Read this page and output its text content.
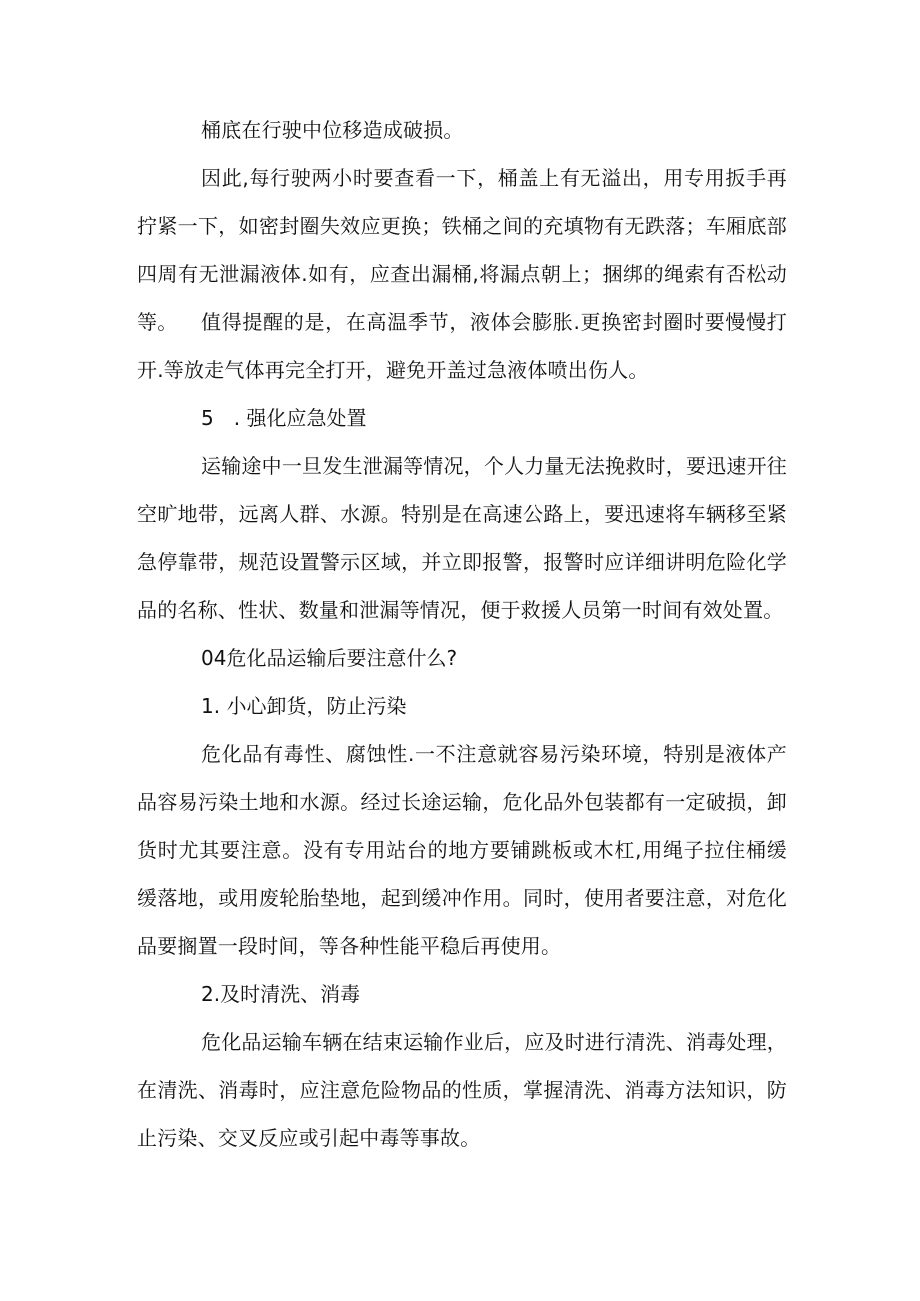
桶底在行驶中位移造成破损。

因此,每行驶两小时要查看一下，桶盖上有无溢出，用专用扳手再拧紧一下，如密封圈失效应更换；铁桶之间的充填物有无跌落；车厢底部四周有无泄漏液体.如有，应查出漏桶,将漏点朝上；捆绑的绳索有否松动等。	值得提醒的是，在高温季节，液体会膨胀.更换密封圈时要慢慢打开.等放走气体再完全打开，避免开盖过急液体喷出伤人。

5　. 强化应急处置

运输途中一旦发生泄漏等情况，个人力量无法挽救时，要迅速开往空旷地带，远离人群、水源。特别是在高速公路上，要迅速将车辆移至紧急停靠带，规范设置警示区域，并立即报警，报警时应详细讲明危险化学品的名称、性状、数量和泄漏等情况，便于救援人员第一时间有效处置。

04危化品运输后要注意什么?

1. 小心卸货，防止污染

危化品有毒性、腐蚀性.一不注意就容易污染环境，特别是液体产品容易污染土地和水源。经过长途运输，危化品外包装都有一定破损，卸货时尤其要注意。没有专用站台的地方要铺跳板或木杠,用绳子拉住桶缓缓落地，或用废轮胎垫地，起到缓冲作用。同时，使用者要注意，对危化品要搁置一段时间，等各种性能平稳后再使用。

2.及时清洗、消毒

危化品运输车辆在结束运输作业后，应及时进行清洗、消毒处理，在清洗、消毒时，应注意危险物品的性质，掌握清洗、消毒方法知识，防止污染、交叉反应或引起中毒等事故。
